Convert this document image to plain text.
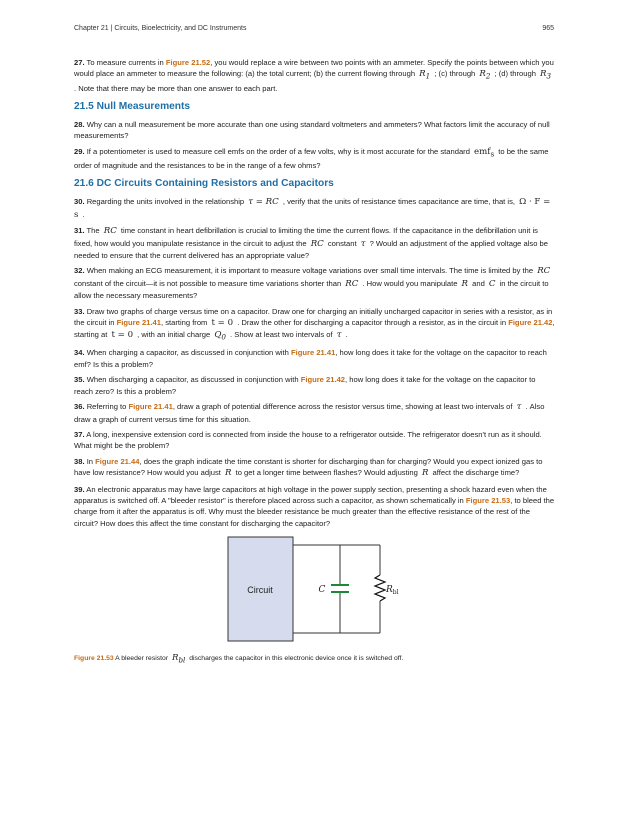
Chapter 21 | Circuits, Bioelectricity, and DC Instruments	965

27. To measure currents in Figure 21.52, you would replace a wire between two points with an ammeter. Specify the points between which you would place an ammeter to measure the following: (a) the total current; (b) the current flowing through $R_1$ ; (c) through $R_2$ ; (d) through $R_3$ . Note that there may be more than one answer to each part.

21.5 Null Measurements

28. Why can a null measurement be more accurate than one using standard voltmeters and ammeters? What factors limit the accuracy of null measurements?

29. If a potentiometer is used to measure cell emfs on the order of a few volts, why is it most accurate for the standard emf$_s$ to be the same order of magnitude and the resistances to be in the range of a few ohms?

21.6 DC Circuits Containing Resistors and Capacitors

30. Regarding the units involved in the relationship τ = RC , verify that the units of resistance times capacitance are time, that is, Ω · F = s .

31. The RC time constant in heart defibrillation is crucial to limiting the time the current flows. If the capacitance in the defibrillation unit is fixed, how would you manipulate resistance in the circuit to adjust the RC constant τ ? Would an adjustment of the applied voltage also be needed to ensure that the current delivered has an appropriate value?

32. When making an ECG measurement, it is important to measure voltage variations over small time intervals. The time is limited by the RC constant of the circuit—it is not possible to measure time variations shorter than RC . How would you manipulate R and C in the circuit to allow the necessary measurements?

33. Draw two graphs of charge versus time on a capacitor. Draw one for charging an initially uncharged capacitor in series with a resistor, as in the circuit in Figure 21.41, starting from t = 0 . Draw the other for discharging a capacitor through a resistor, as in the circuit in Figure 21.42, starting at t = 0 , with an initial charge $Q_0$ . Show at least two intervals of τ .

34. When charging a capacitor, as discussed in conjunction with Figure 21.41, how long does it take for the voltage on the capacitor to reach emf? Is this a problem?

35. When discharging a capacitor, as discussed in conjunction with Figure 21.42, how long does it take for the voltage on the capacitor to reach zero? Is this a problem?

36. Referring to Figure 21.41, draw a graph of potential difference across the resistor versus time, showing at least two intervals of τ . Also draw a graph of current versus time for this situation.

37. A long, inexpensive extension cord is connected from inside the house to a refrigerator outside. The refrigerator doesn't run as it should. What might be the problem?

38. In Figure 21.44, does the graph indicate the time constant is shorter for discharging than for charging? Would you expect ionized gas to have low resistance? How would you adjust R to get a longer time between flashes? Would adjusting R affect the discharge time?

39. An electronic apparatus may have large capacitors at high voltage in the power supply section, presenting a shock hazard even when the apparatus is switched off. A "bleeder resistor" is therefore placed across such a capacitor, as shown schematically in Figure 21.53, to bleed the charge from it after the apparatus is off. Why must the bleeder resistance be much greater than the effective resistance of the rest of the circuit? How does this affect the time constant for discharging the capacitor?

Circuit	C	$R_{bl}$

Figure 21.53 A bleeder resistor $R_{bl}$ discharges the capacitor in this electronic device once it is switched off.
